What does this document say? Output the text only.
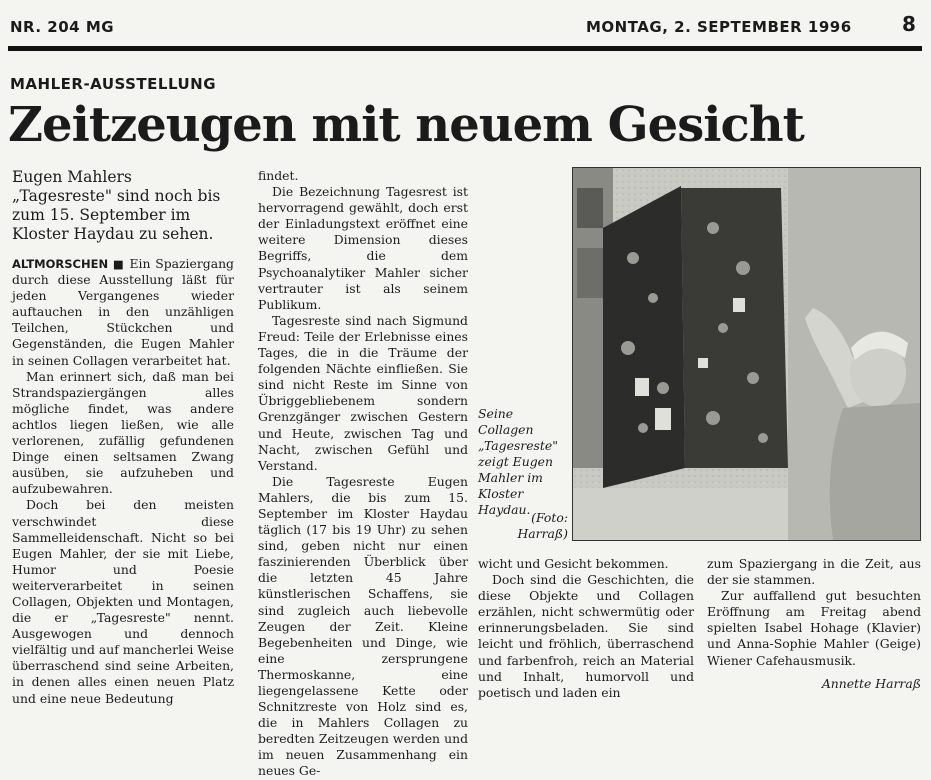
NR. 204 MG	MONTAG, 2. SEPTEMBER 1996	8
MAHLER-AUSSTELLUNG
Zeitzeugen mit neuem Gesicht
Eugen Mahlers „Tagesreste" sind noch bis zum 15. September im Kloster Haydau zu sehen.

ALTMORSCHEN ■ Ein Spaziergang durch diese Ausstellung läßt für jeden Vergangenes wieder auftauchen in den unzähligen Teilchen, Stückchen und Gegenständen, die Eugen Mahler in seinen Collagen verarbeitet hat.

Man erinnert sich, daß man bei Strandspaziergängen alles mögliche findet, was andere achtlos liegen ließen, wie alle verlorenen, zufällig gefundenen Dinge einen seltsamen Zwang ausüben, sie aufzuheben und aufzubewahren.

Doch bei den meisten verschwindet diese Sammelleidenschaft. Nicht so bei Eugen Mahler, der sie mit Liebe, Humor und Poesie weiterverarbeitet in seinen Collagen, Objekten und Montagen, die er „Tagesreste" nennt. Ausgewogen und dennoch vielfältig und auf mancherlei Weise überraschend sind seine Arbeiten, in denen alles einen neuen Platz und eine neue Bedeutung

findet.

Die Bezeichnung Tagesrest ist hervorragend gewählt, doch erst der Einladungstext eröffnet eine weitere Dimension dieses Begriffs, die dem Psychoanalytiker Mahler sicher vertrauter ist als seinem Publikum.

Tagesreste sind nach Sigmund Freud: Teile der Erlebnisse eines Tages, die in die Träume der folgenden Nächte einfließen. Sie sind nicht Reste im Sinne von Übriggebliebenem sondern Grenzgänger zwischen Gestern und Heute, zwischen Tag und Nacht, zwischen Gefühl und Verstand.

Die Tagesreste Eugen Mahlers, die bis zum 15. September im Kloster Haydau täglich (17 bis 19 Uhr) zu sehen sind, geben nicht nur einen faszinierenden Überblick über die letzten 45 Jahre künstlerischen Schaffens, sie sind zugleich auch liebevolle Zeugen der Zeit. Kleine Begebenheiten und Dinge, wie eine zersprungene Thermoskanne, eine liegengelassene Kette oder Schnitzreste von Holz sind es, die in Mahlers Collagen zu beredten Zeitzeugen werden und im neuen Zusammenhang ein neues Ge-

Seine Collagen „Tagesreste" zeigt Eugen Mahler im Kloster Haydau.
(Foto: Harraß)

wicht und Gesicht bekommen.

Doch sind die Geschichten, die diese Objekte und Collagen erzählen, nicht schwermütig oder erinnerungsbeladen. Sie sind leicht und fröhlich, überraschend und farbenfroh, reich an Material und Inhalt, humorvoll und poetisch und laden ein

zum Spaziergang in die Zeit, aus der sie stammen.

Zur auffallend gut besuchten Eröffnung am Freitag abend spielten Isabel Hohage (Klavier) und Anna-Sophie Mahler (Geige) Wiener Cafehausmusik.

Annette Harraß
